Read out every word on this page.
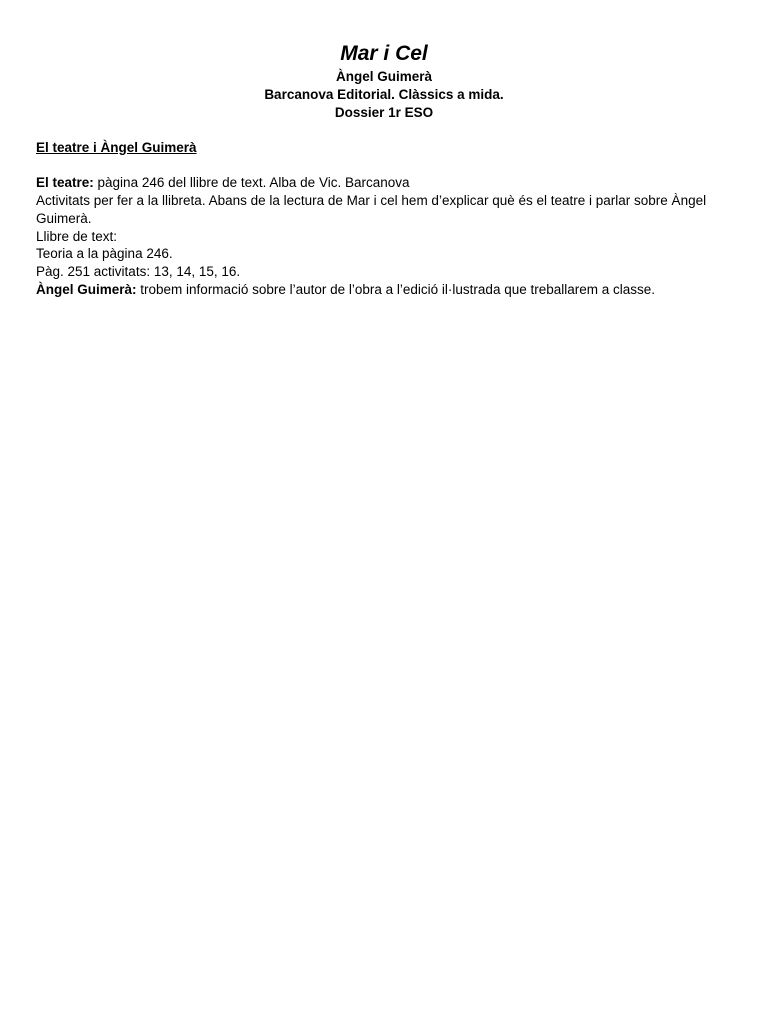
Mar i Cel

Àngel Guimerà

Barcanova Editorial. Clàssics a mida.

Dossier 1r ESO

El teatre i Àngel Guimerà

El teatre: pàgina 246 del llibre de text. Alba de Vic. Barcanova

Activitats per fer a la llibreta. Abans de la lectura de Mar i cel hem d’explicar què és el teatre i parlar sobre Àngel Guimerà.

Llibre de text:

Teoria a la pàgina 246.

Pàg. 251 activitats: 13, 14, 15, 16.

Àngel Guimerà: trobem informació sobre l’autor de l’obra a l’edició il·lustrada que treballarem a classe.
